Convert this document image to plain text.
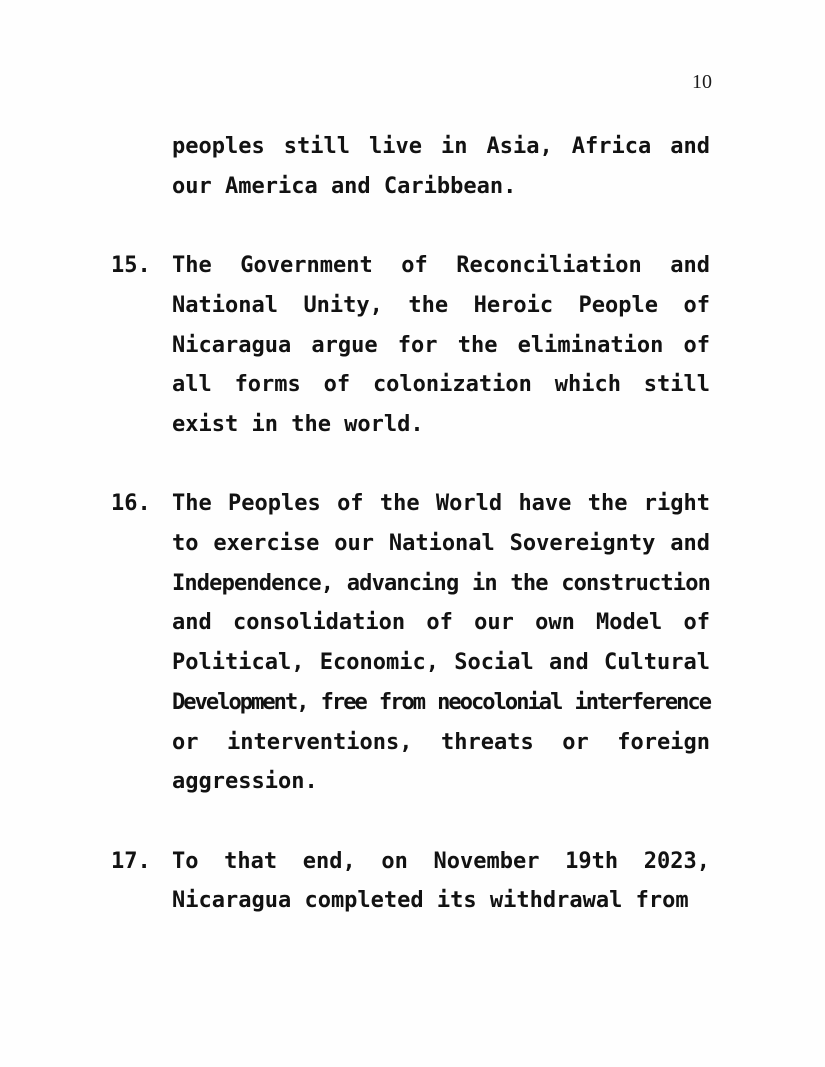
10
peoples still live in Asia, Africa and
our America and Caribbean.
15. The Government of Reconciliation and
National Unity, the Heroic People of
Nicaragua argue for the elimination of
all forms of colonization which still
exist in the world.
16. The Peoples of the World have the right
to exercise our National Sovereignty and
Independence, advancing in the construction
and consolidation of our own Model of
Political, Economic, Social and Cultural
Development, free from neocolonial interference
or interventions, threats or foreign
aggression.
17. To that end, on November 19th 2023,
Nicaragua completed its withdrawal from
